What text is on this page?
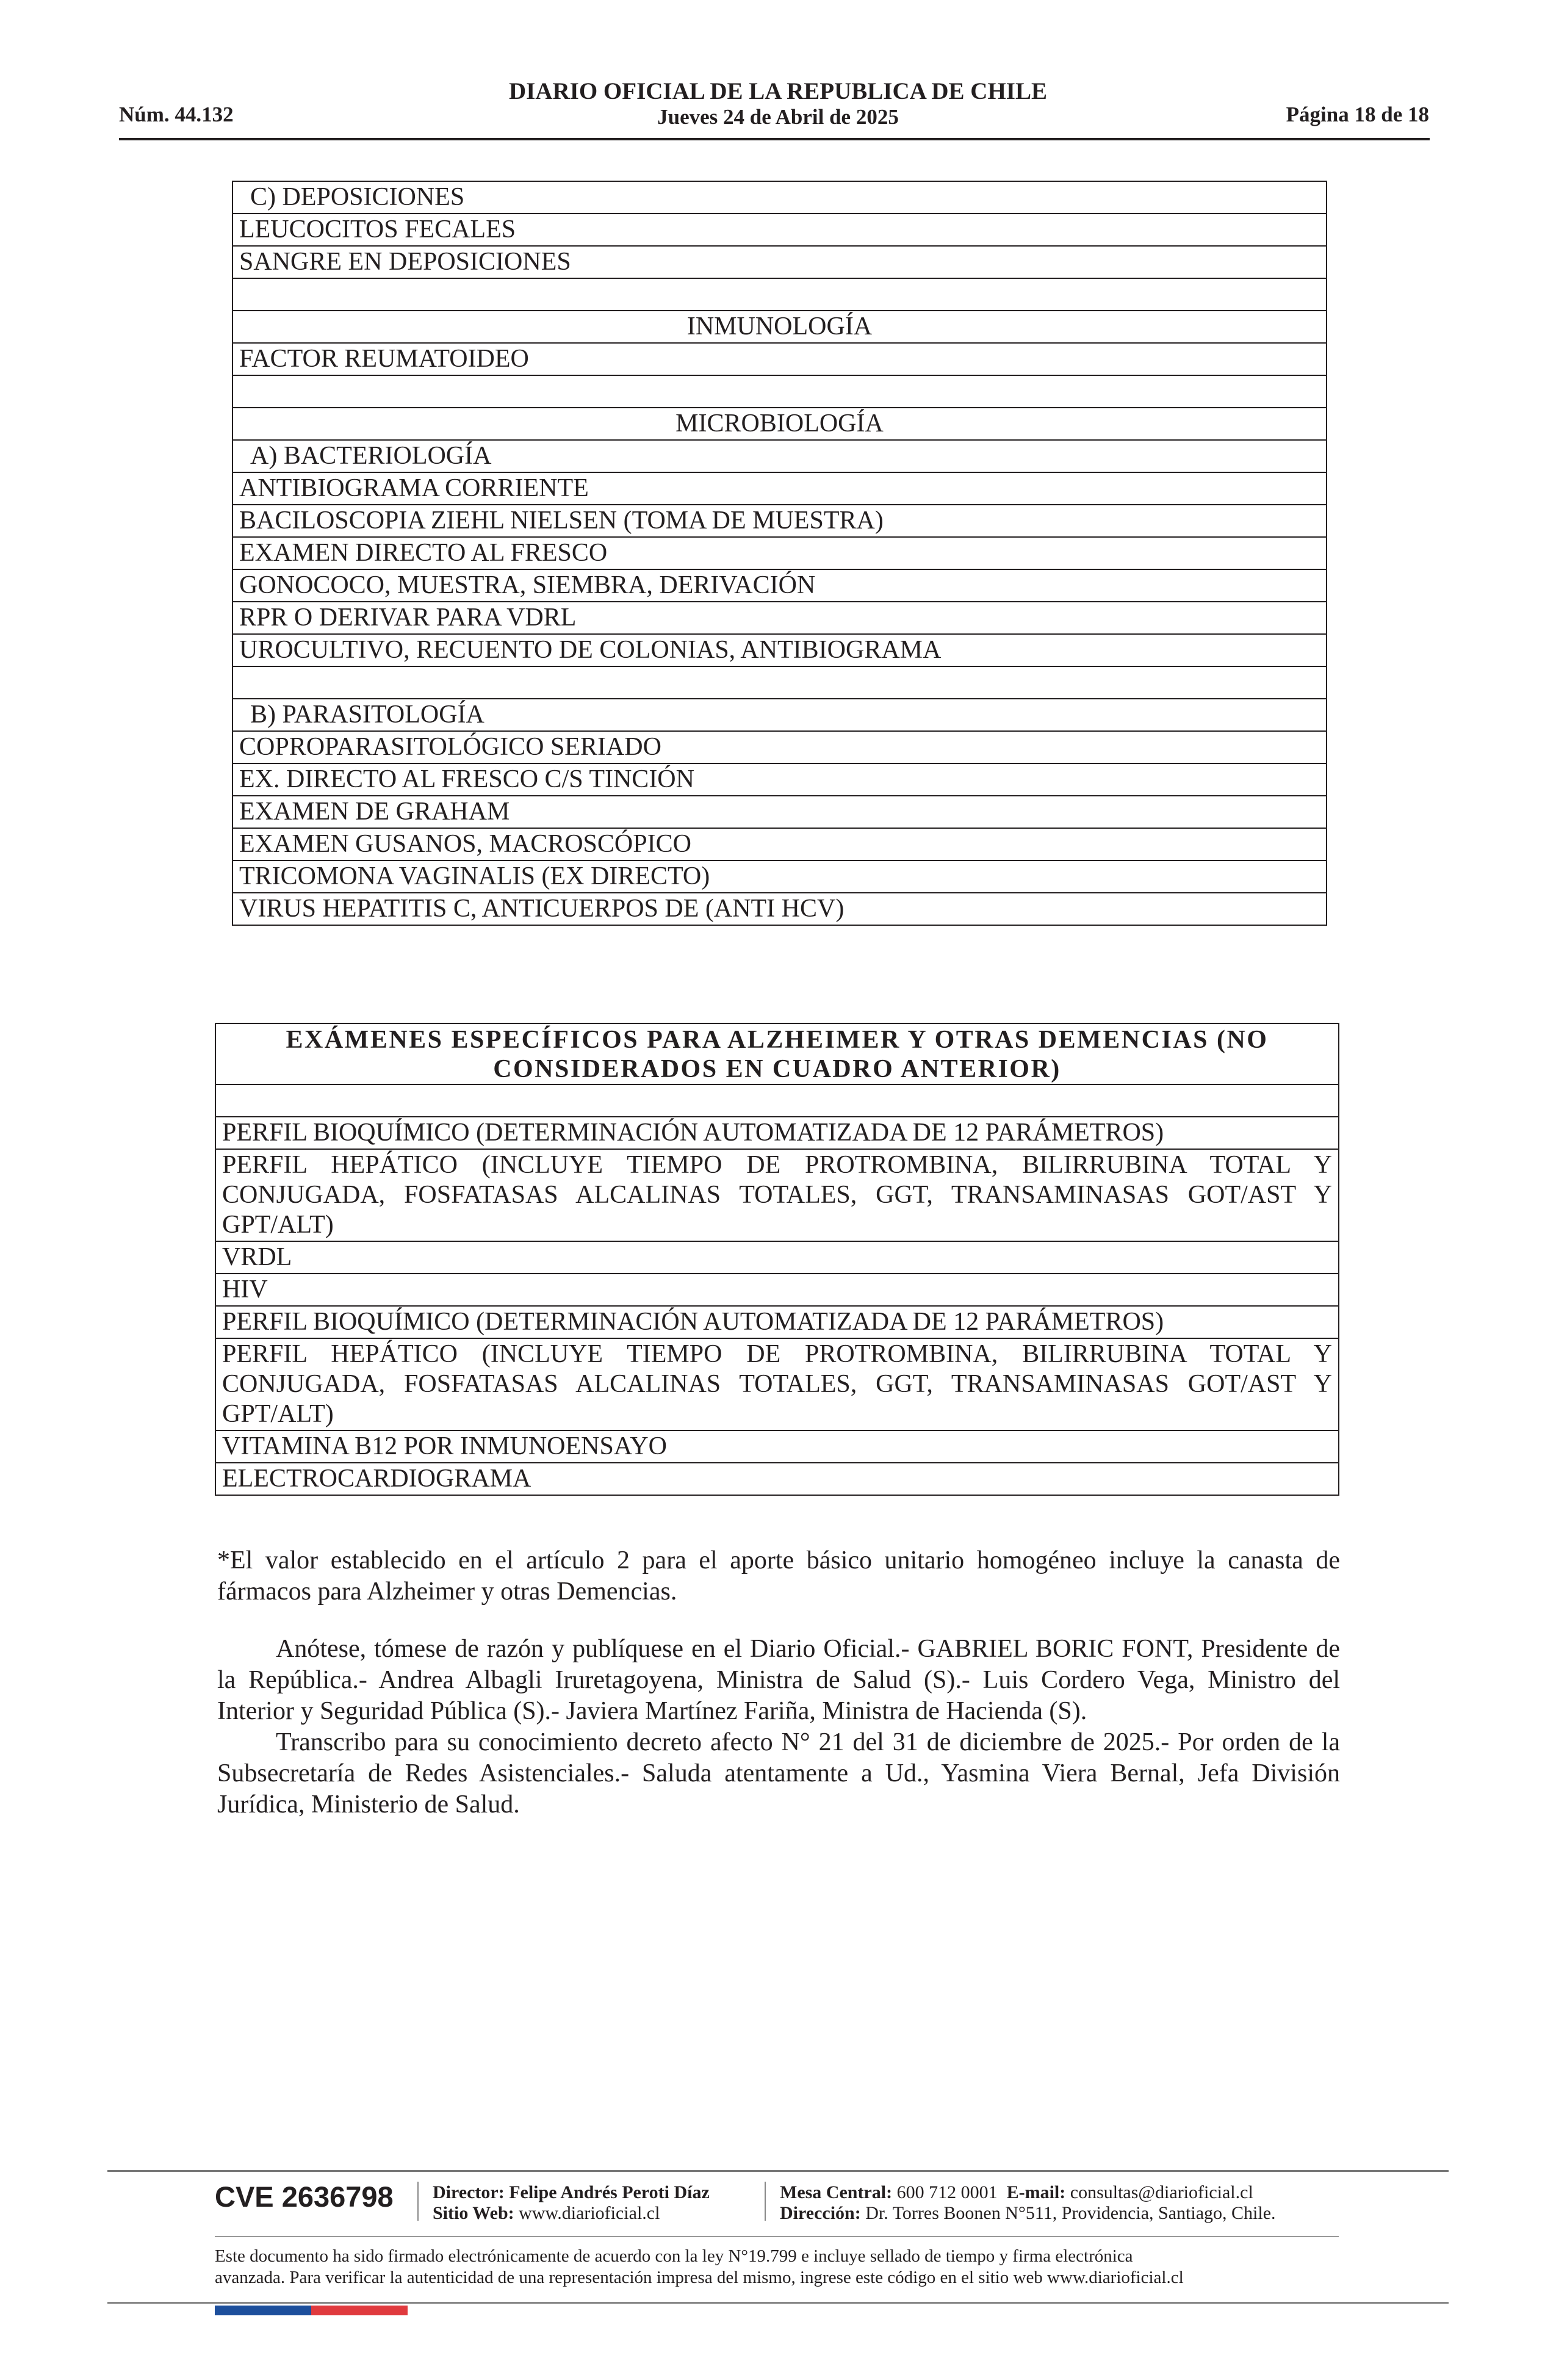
Núm. 44.132
DIARIO OFICIAL DE LA REPUBLICA DE CHILE
Jueves 24 de Abril de 2025	Página 18 de 18
C) DEPOSICIONES
LEUCOCITOS FECALES
SANGRE EN DEPOSICIONES

INMUNOLOGÍA
FACTOR REUMATOIDEO

MICROBIOLOGÍA
A) BACTERIOLOGÍA
ANTIBIOGRAMA CORRIENTE
BACILOSCOPIA ZIEHL NIELSEN (TOMA DE MUESTRA)
EXAMEN DIRECTO AL FRESCO
GONOCOCO, MUESTRA, SIEMBRA, DERIVACIÓN
RPR O DERIVAR PARA VDRL
UROCULTIVO, RECUENTO DE COLONIAS, ANTIBIOGRAMA

B) PARASITOLOGÍA
COPROPARASITOLÓGICO SERIADO
EX. DIRECTO AL FRESCO C/S TINCIÓN
EXAMEN DE GRAHAM
EXAMEN GUSANOS, MACROSCÓPICO
TRICOMONA VAGINALIS (EX DIRECTO)
VIRUS HEPATITIS C, ANTICUERPOS DE (ANTI HCV)
EXÁMENES ESPECÍFICOS PARA ALZHEIMER Y OTRAS DEMENCIAS (NO
CONSIDERADOS EN CUADRO ANTERIOR)

PERFIL BIOQUÍMICO (DETERMINACIÓN AUTOMATIZADA DE 12 PARÁMETROS)
PERFIL HEPÁTICO (INCLUYE TIEMPO DE PROTROMBINA, BILIRRUBINA TOTAL Y CONJUGADA, FOSFATASAS ALCALINAS TOTALES, GGT, TRANSAMINASAS GOT/AST Y GPT/ALT)
VRDL
HIV
PERFIL BIOQUÍMICO (DETERMINACIÓN AUTOMATIZADA DE 12 PARÁMETROS)
PERFIL HEPÁTICO (INCLUYE TIEMPO DE PROTROMBINA, BILIRRUBINA TOTAL Y CONJUGADA, FOSFATASAS ALCALINAS TOTALES, GGT, TRANSAMINASAS GOT/AST Y GPT/ALT)
VITAMINA B12 POR INMUNOENSAYO
ELECTROCARDIOGRAMA
*El valor establecido en el artículo 2 para el aporte básico unitario homogéneo incluye la canasta de fármacos para Alzheimer y otras Demencias.
Anótese, tómese de razón y publíquese en el Diario Oficial.- GABRIEL BORIC FONT, Presidente de la República.- Andrea Albagli Iruretagoyena, Ministra de Salud (S).- Luis Cordero Vega, Ministro del Interior y Seguridad Pública (S).- Javiera Martínez Fariña, Ministra de Hacienda (S).
Transcribo para su conocimiento decreto afecto N° 21 del 31 de diciembre de 2025.- Por orden de la Subsecretaría de Redes Asistenciales.- Saluda atentamente a Ud., Yasmina Viera Bernal, Jefa División Jurídica, Ministerio de Salud.
CVE 2636798 Director: Felipe Andrés Peroti Díaz
Sitio Web: www.diarioficial.cl
Mesa Central: 600 712 0001 E-mail: consultas@diarioficial.cl
Dirección: Dr. Torres Boonen N°511, Providencia, Santiago, Chile.
Este documento ha sido firmado electrónicamente de acuerdo con la ley N°19.799 e incluye sellado de tiempo y firma electrónica
avanzada. Para verificar la autenticidad de una representación impresa del mismo, ingrese este código en el sitio web www.diarioficial.cl
